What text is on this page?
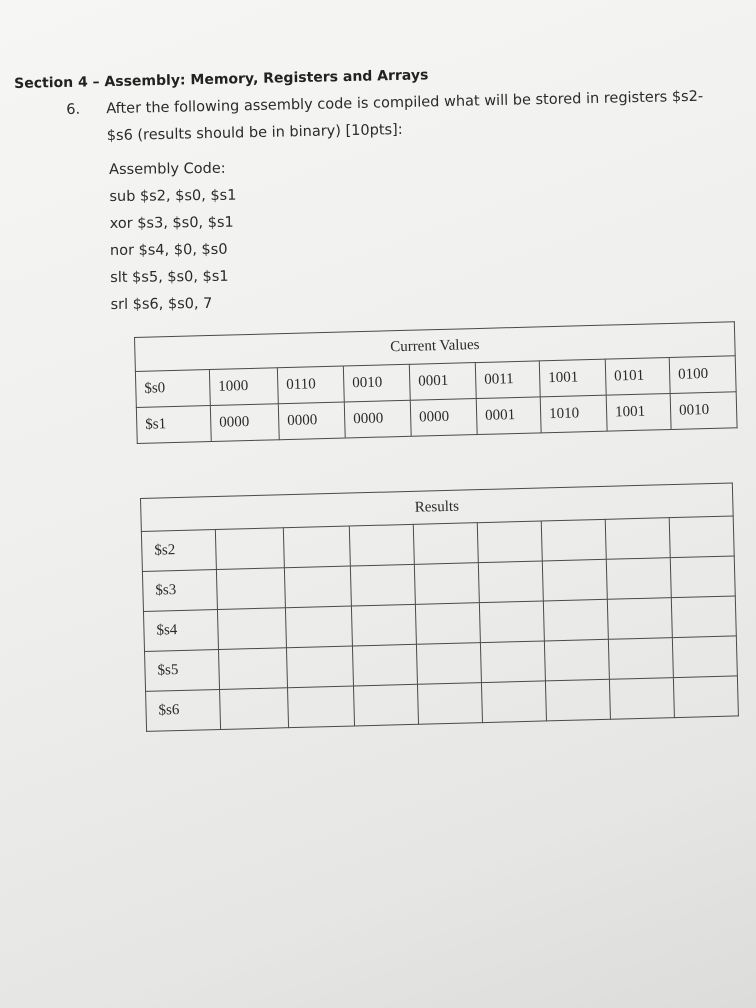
Section 4 – Assembly: Memory, Registers and Arrays
6. After the following assembly code is compiled what will be stored in registers $s2-
$s6 (results should be in binary) [10pts]:
Assembly Code:
sub $s2, $s0, $s1
xor $s3, $s0, $s1
nor $s4, $0, $s0
slt $s5, $s0, $s1
srl $s6, $s0, 7
Current Values								
$s0	1000	0110	0010	0001	0011	1001	0101	0100
$s1	0000	0000	0000	0000	0001	1010	1001	0010
Results								
$s2								
$s3								
$s4								
$s5								
$s6								
